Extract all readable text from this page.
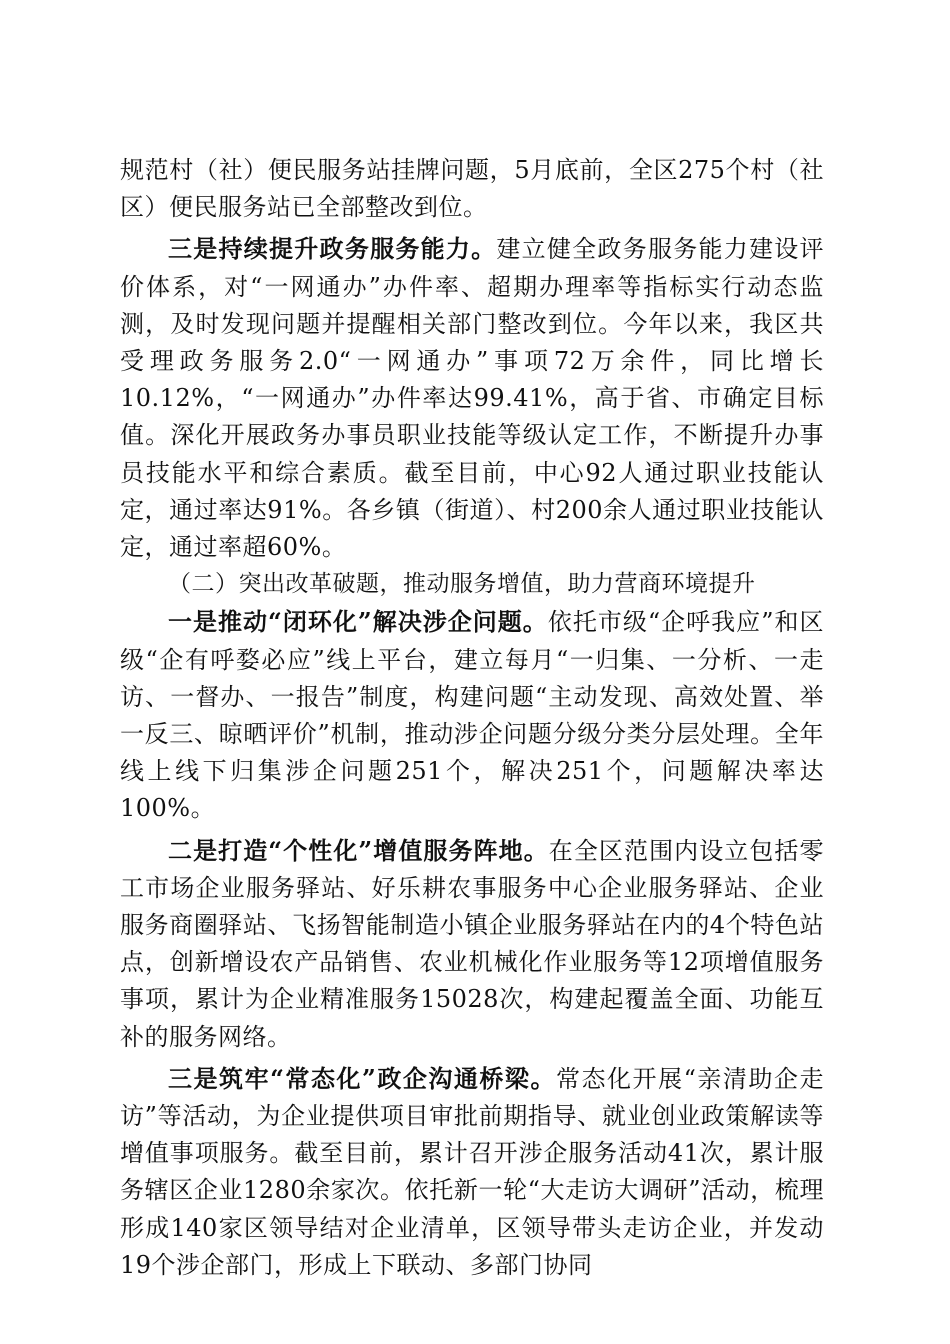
规范村（社）便民服务站挂牌问题，5月底前，全区275个村（社区）便民服务站已全部整改到位。

三是持续提升政务服务能力。建立健全政务服务能力建设评价体系，对“一网通办”办件率、超期办理率等指标实行动态监测，及时发现问题并提醒相关部门整改到位。今年以来，我区共受理政务服务2.0“一网通办”事项72万余件，同比增长10.12%，“一网通办”办件率达99.41%，高于省、市确定目标值。深化开展政务办事员职业技能等级认定工作，不断提升办事员技能水平和综合素质。截至目前，中心92人通过职业技能认定，通过率达91%。各乡镇（街道）、村200余人通过职业技能认定，通过率超60%。

（二）突出改革破题，推动服务增值，助力营商环境提升

一是推动“闭环化”解决涉企问题。依托市级“企呼我应”和区级“企有呼婺必应”线上平台，建立每月“一归集、一分析、一走访、一督办、一报告”制度，构建问题“主动发现、高效处置、举一反三、晾晒评价”机制，推动涉企问题分级分类分层处理。全年线上线下归集涉企问题251个，解决251个，问题解决率达100%。

二是打造“个性化”增值服务阵地。在全区范围内设立包括零工市场企业服务驿站、好乐耕农事服务中心企业服务驿站、企业服务商圈驿站、飞扬智能制造小镇企业服务驿站在内的4个特色站点，创新增设农产品销售、农业机械化作业服务等12项增值服务事项，累计为企业精准服务15028次，构建起覆盖全面、功能互补的服务网络。

三是筑牢“常态化”政企沟通桥梁。常态化开展“亲清助企走访”等活动，为企业提供项目审批前期指导、就业创业政策解读等增值事项服务。截至目前，累计召开涉企服务活动41次，累计服务辖区企业1280余家次。依托新一轮“大走访大调研”活动，梳理形成140家区领导结对企业清单，区领导带头走访企业，并发动19个涉企部门，形成上下联动、多部门协同
